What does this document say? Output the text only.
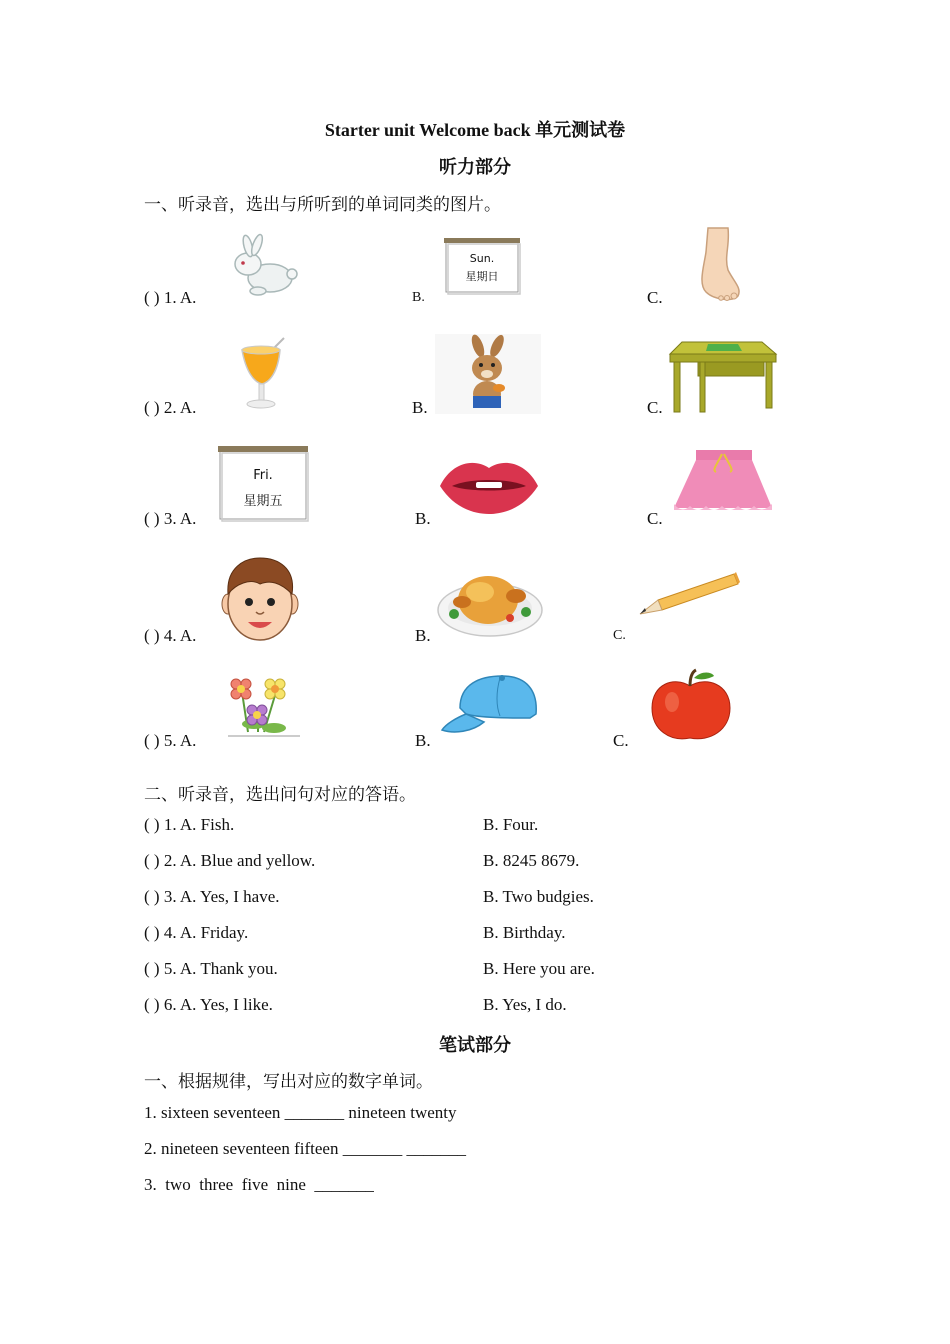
Starter unit Welcome back 单元测试卷
听力部分
一、听录音，选出与所听到的单词同类的图片。
( ) 1. A.	B.	C.
Sun.
星期日
( ) 2. A.	B.	C.
( ) 3. A.	B.	C.
Fri.
星期五
( ) 4. A.	B.	C.
( ) 5. A.	B.	C.
二、听录音，选出问句对应的答语。
( ) 1. A. Fish.	B. Four.
( ) 2. A. Blue and yellow.	B. 8245 8679.
( ) 3. A. Yes, I have.	B. Two budgies.
( ) 4. A. Friday.	B. Birthday.
( ) 5. A. Thank you.	B. Here you are.
( ) 6. A. Yes, I like.	B. Yes, I do.
笔试部分
一、根据规律，写出对应的数字单词。
1. sixteen seventeen _______ nineteen twenty
2. nineteen seventeen fifteen _______ _______
3.  two  three  five  nine  _______
